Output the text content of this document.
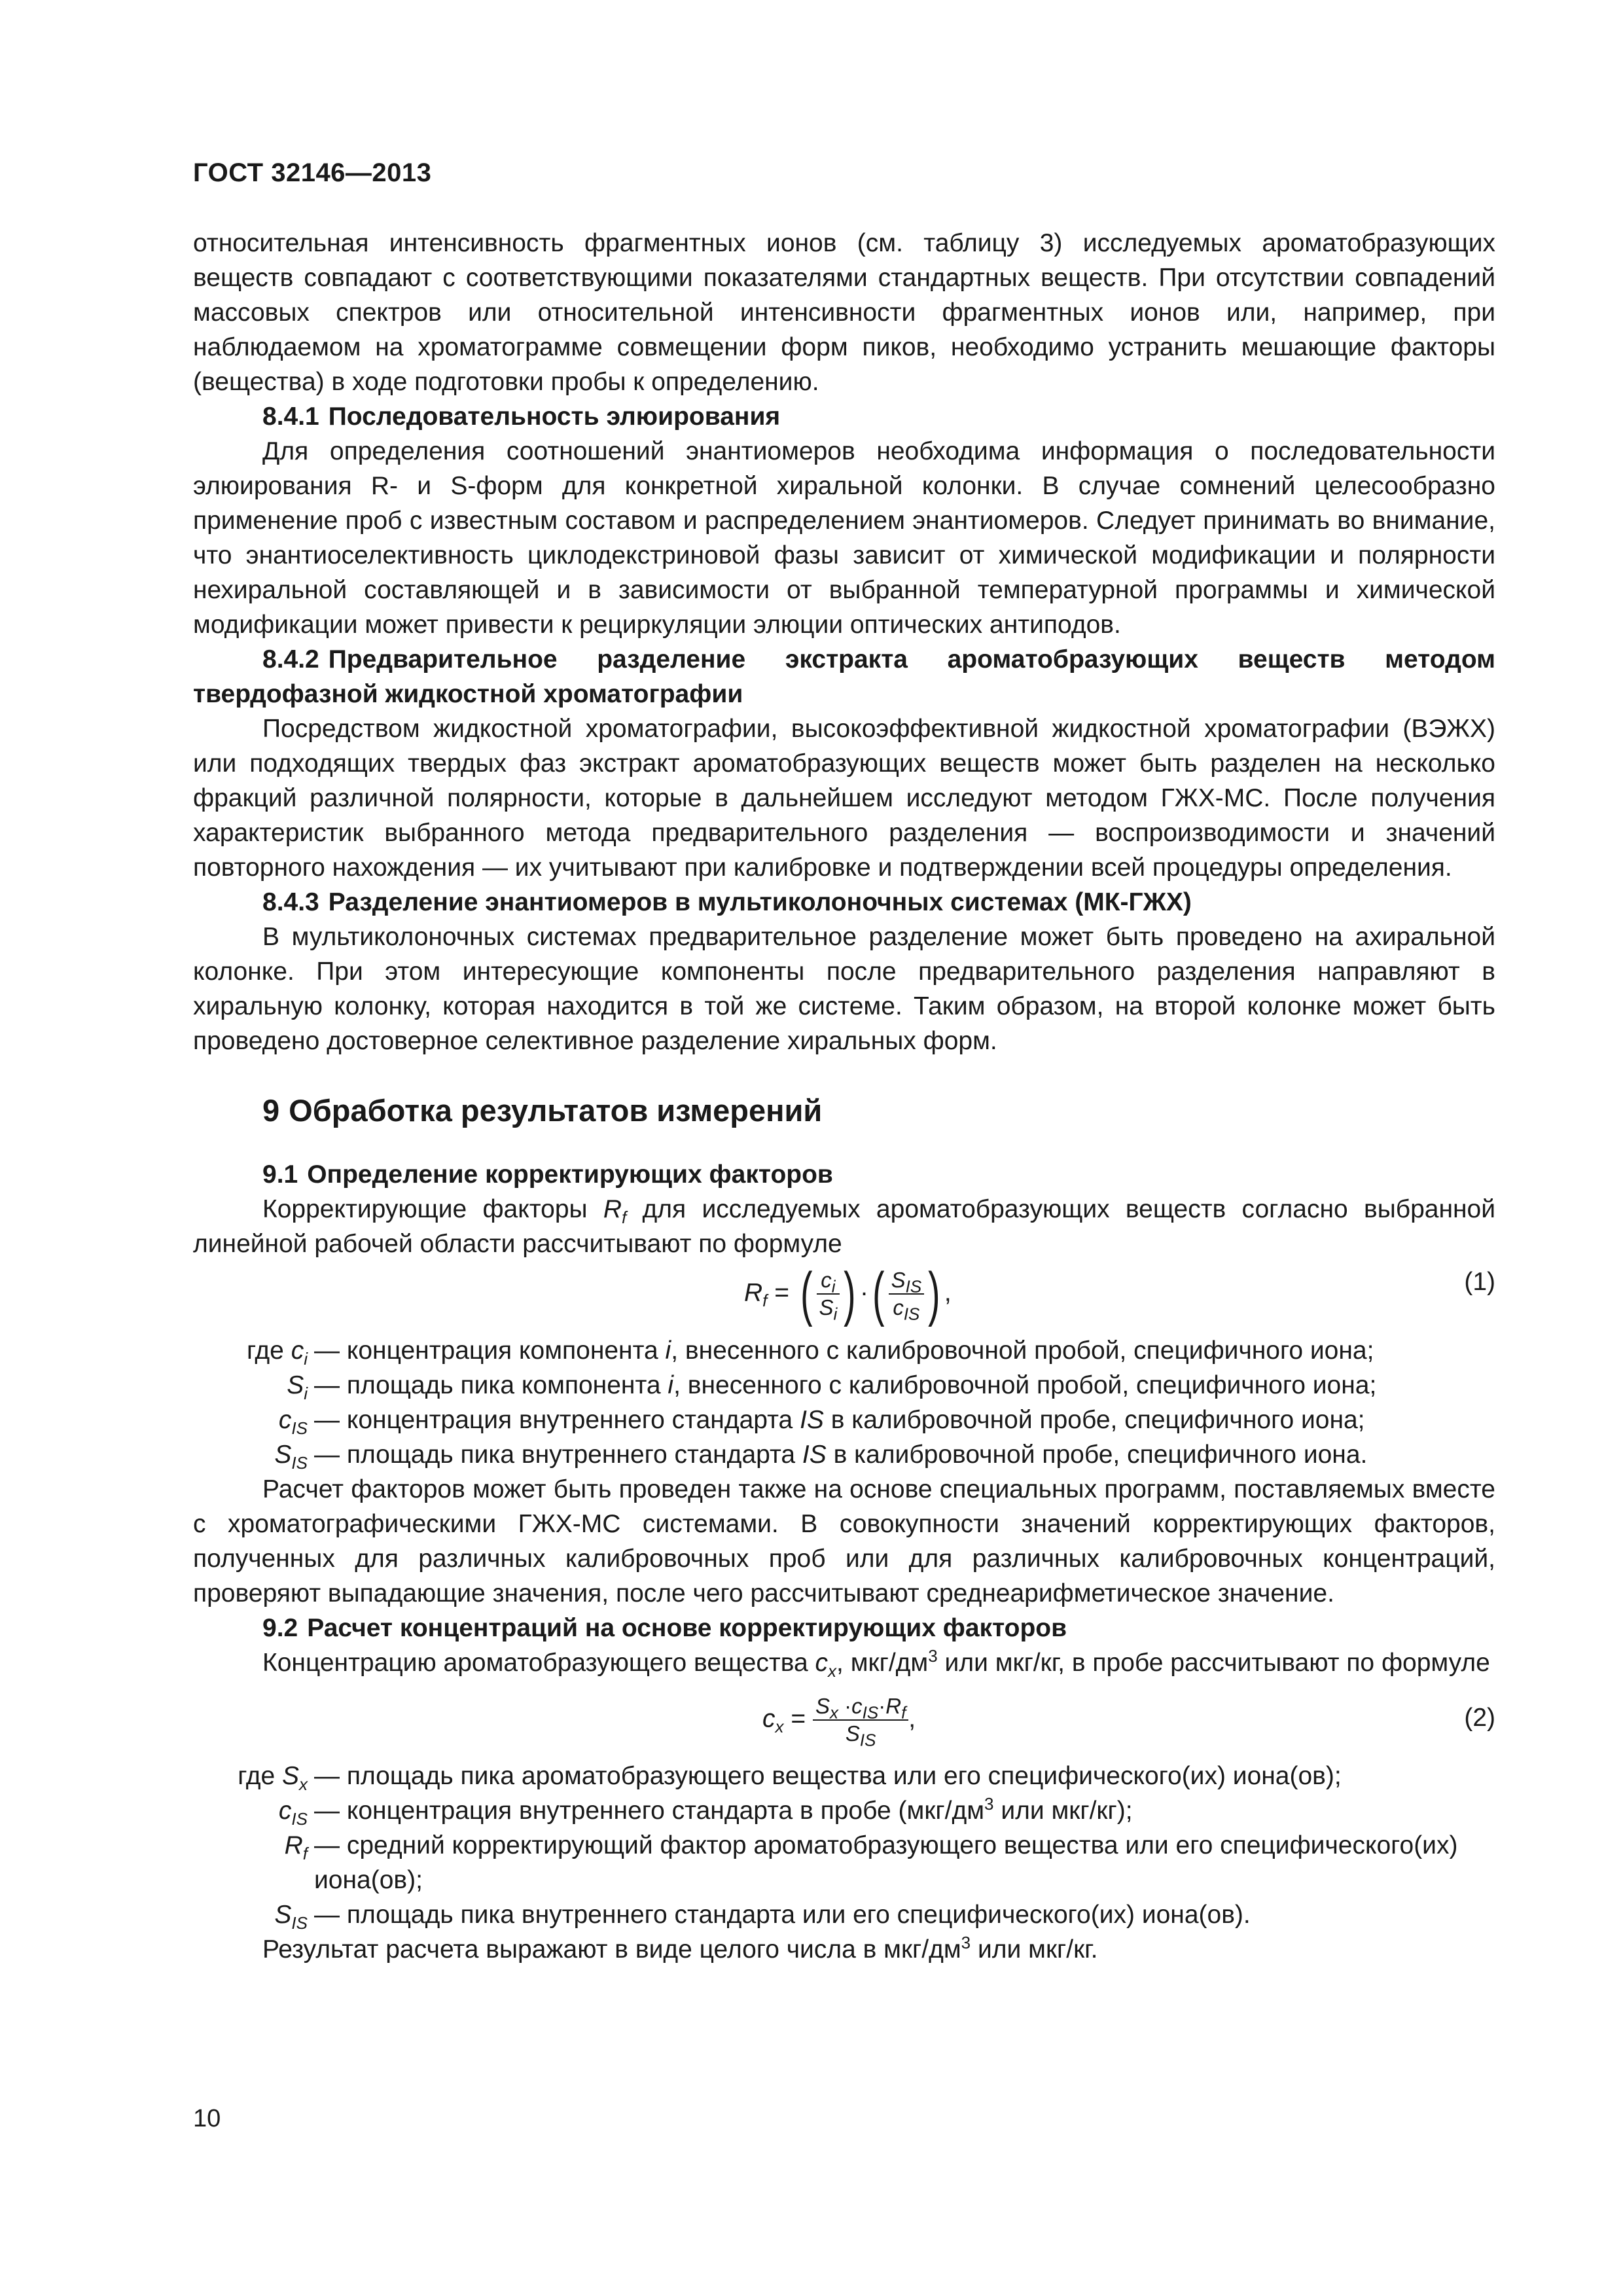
ГОСТ 32146—2013

относительная интенсивность фрагментных ионов (см. таблицу 3) исследуемых ароматобразующих веществ совпадают с соответствующими показателями стандартных веществ. При отсутствии совпадений массовых спектров или относительной интенсивности фрагментных ионов или, например, при наблюдаемом на хроматограмме совмещении форм пиков, необходимо устранить мешающие факторы (вещества) в ходе подготовки пробы к определению.

8.4.1 Последовательность элюирования

Для определения соотношений энантиомеров необходима информация о последовательности элюирования R- и S-форм для конкретной хиральной колонки. В случае сомнений целесообразно применение проб с известным составом и распределением энантиомеров. Следует принимать во внимание, что энантиоселективность циклодекстриновой фазы зависит от химической модификации и полярности нехиральной составляющей и в зависимости от выбранной температурной программы и химической модификации может привести к рециркуляции элюции оптических антиподов.

8.4.2 Предварительное разделение экстракта ароматобразующих веществ методом твердофазной жидкостной хроматографии

Посредством жидкостной хроматографии, высокоэффективной жидкостной хроматографии (ВЭЖХ) или подходящих твердых фаз экстракт ароматобразующих веществ может быть разделен на несколько фракций различной полярности, которые в дальнейшем исследуют методом ГЖХ-МС. После получения характеристик выбранного метода предварительного разделения — воспроизводимости и значений повторного нахождения — их учитывают при калибровке и подтверждении всей процедуры определения.

8.4.3 Разделение энантиомеров в мультиколоночных системах (МК-ГЖХ)

В мультиколоночных системах предварительное разделение может быть проведено на ахиральной колонке. При этом интересующие компоненты после предварительного разделения направляют в хиральную колонку, которая находится в той же системе. Таким образом, на второй колонке может быть проведено достоверное селективное разделение хиральных форм.

9 Обработка результатов измерений

9.1 Определение корректирующих факторов

Корректирующие факторы $R_f$ для исследуемых ароматобразующих веществ согласно выбранной линейной рабочей области рассчитывают по формуле

$R_f$ = ( $\frac{c_i}{S_i}$ ) ·( $\frac{S_{IS}}{c_{IS}}$ ) ,	(1)
где $c_i$ — концентрация компонента i, внесенного с калибровочной пробой, специфичного иона;
$S_i$ — площадь пика компонента i, внесенного с калибровочной пробой, специфичного иона;
$c_{IS}$ — концентрация внутреннего стандарта IS в калибровочной пробе, специфичного иона;
$S_{IS}$ — площадь пика внутреннего стандарта IS в калибровочной пробе, специфичного иона.

Расчет факторов может быть проведен также на основе специальных программ, поставляемых вместе с хроматографическими ГЖХ-МС системами. В совокупности значений корректирующих факторов, полученных для различных калибровочных проб или для различных калибровочных концентраций, проверяют выпадающие значения, после чего рассчитывают среднеарифметическое значение.

9.2 Расчет концентраций на основе корректирующих факторов

Концентрацию ароматобразующего вещества $c_x$, мкг/$дм^3$ или мкг/кг, в пробе рассчитывают по формуле

$c_x = \frac{S_x \cdot c_{IS}\cdot R_f}{S_{IS}}$ ,	(2)
где $S_x$ — площадь пика ароматобразующего вещества или его специфического(их) иона(ов);
$c_{IS}$ — концентрация внутреннего стандарта в пробе ($мкг/дм^3$ или мкг/кг);
$R_f$ — средний корректирующий фактор ароматобразующего вещества или его специфического(их) иона(ов);
$S_{IS}$ — площадь пика внутреннего стандарта или его специфического(их) иона(ов).

Результат расчета выражают в виде целого числа в мкг/$дм^3$ или мкг/кг.

10
